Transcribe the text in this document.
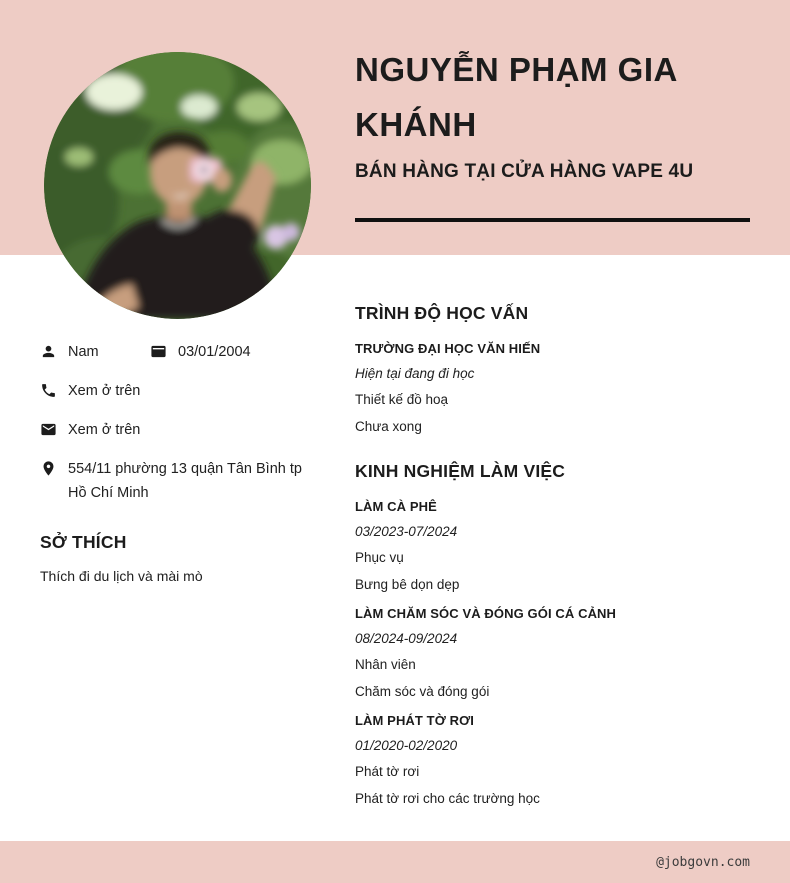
@jobgovn.com
NGUYỄN PHẠM GIA KHÁNH
BÁN HÀNG TẠI CỬA HÀNG VAPE 4U
Nam	03/01/2004
Xem ở trên
Xem ở trên
554/11 phường 13 quận Tân Bình tp Hồ Chí Minh
SỞ THÍCH
Thích đi du lịch và mài mò
TRÌNH ĐỘ HỌC VẤN
TRƯỜNG ĐẠI HỌC VĂN HIẾN
Hiện tại đang đi học
Thiết kế đồ hoạ
Chưa xong
KINH NGHIỆM LÀM VIỆC
LÀM CÀ PHÊ
03/2023-07/2024
Phục vụ
Bưng bê dọn dẹp
LÀM CHĂM SÓC VÀ ĐÓNG GÓI CÁ CẢNH
08/2024-09/2024
Nhân viên
Chăm sóc và đóng gói
LÀM PHÁT TỜ RƠI
01/2020-02/2020
Phát tờ rơi
Phát tờ rơi cho các trường học
